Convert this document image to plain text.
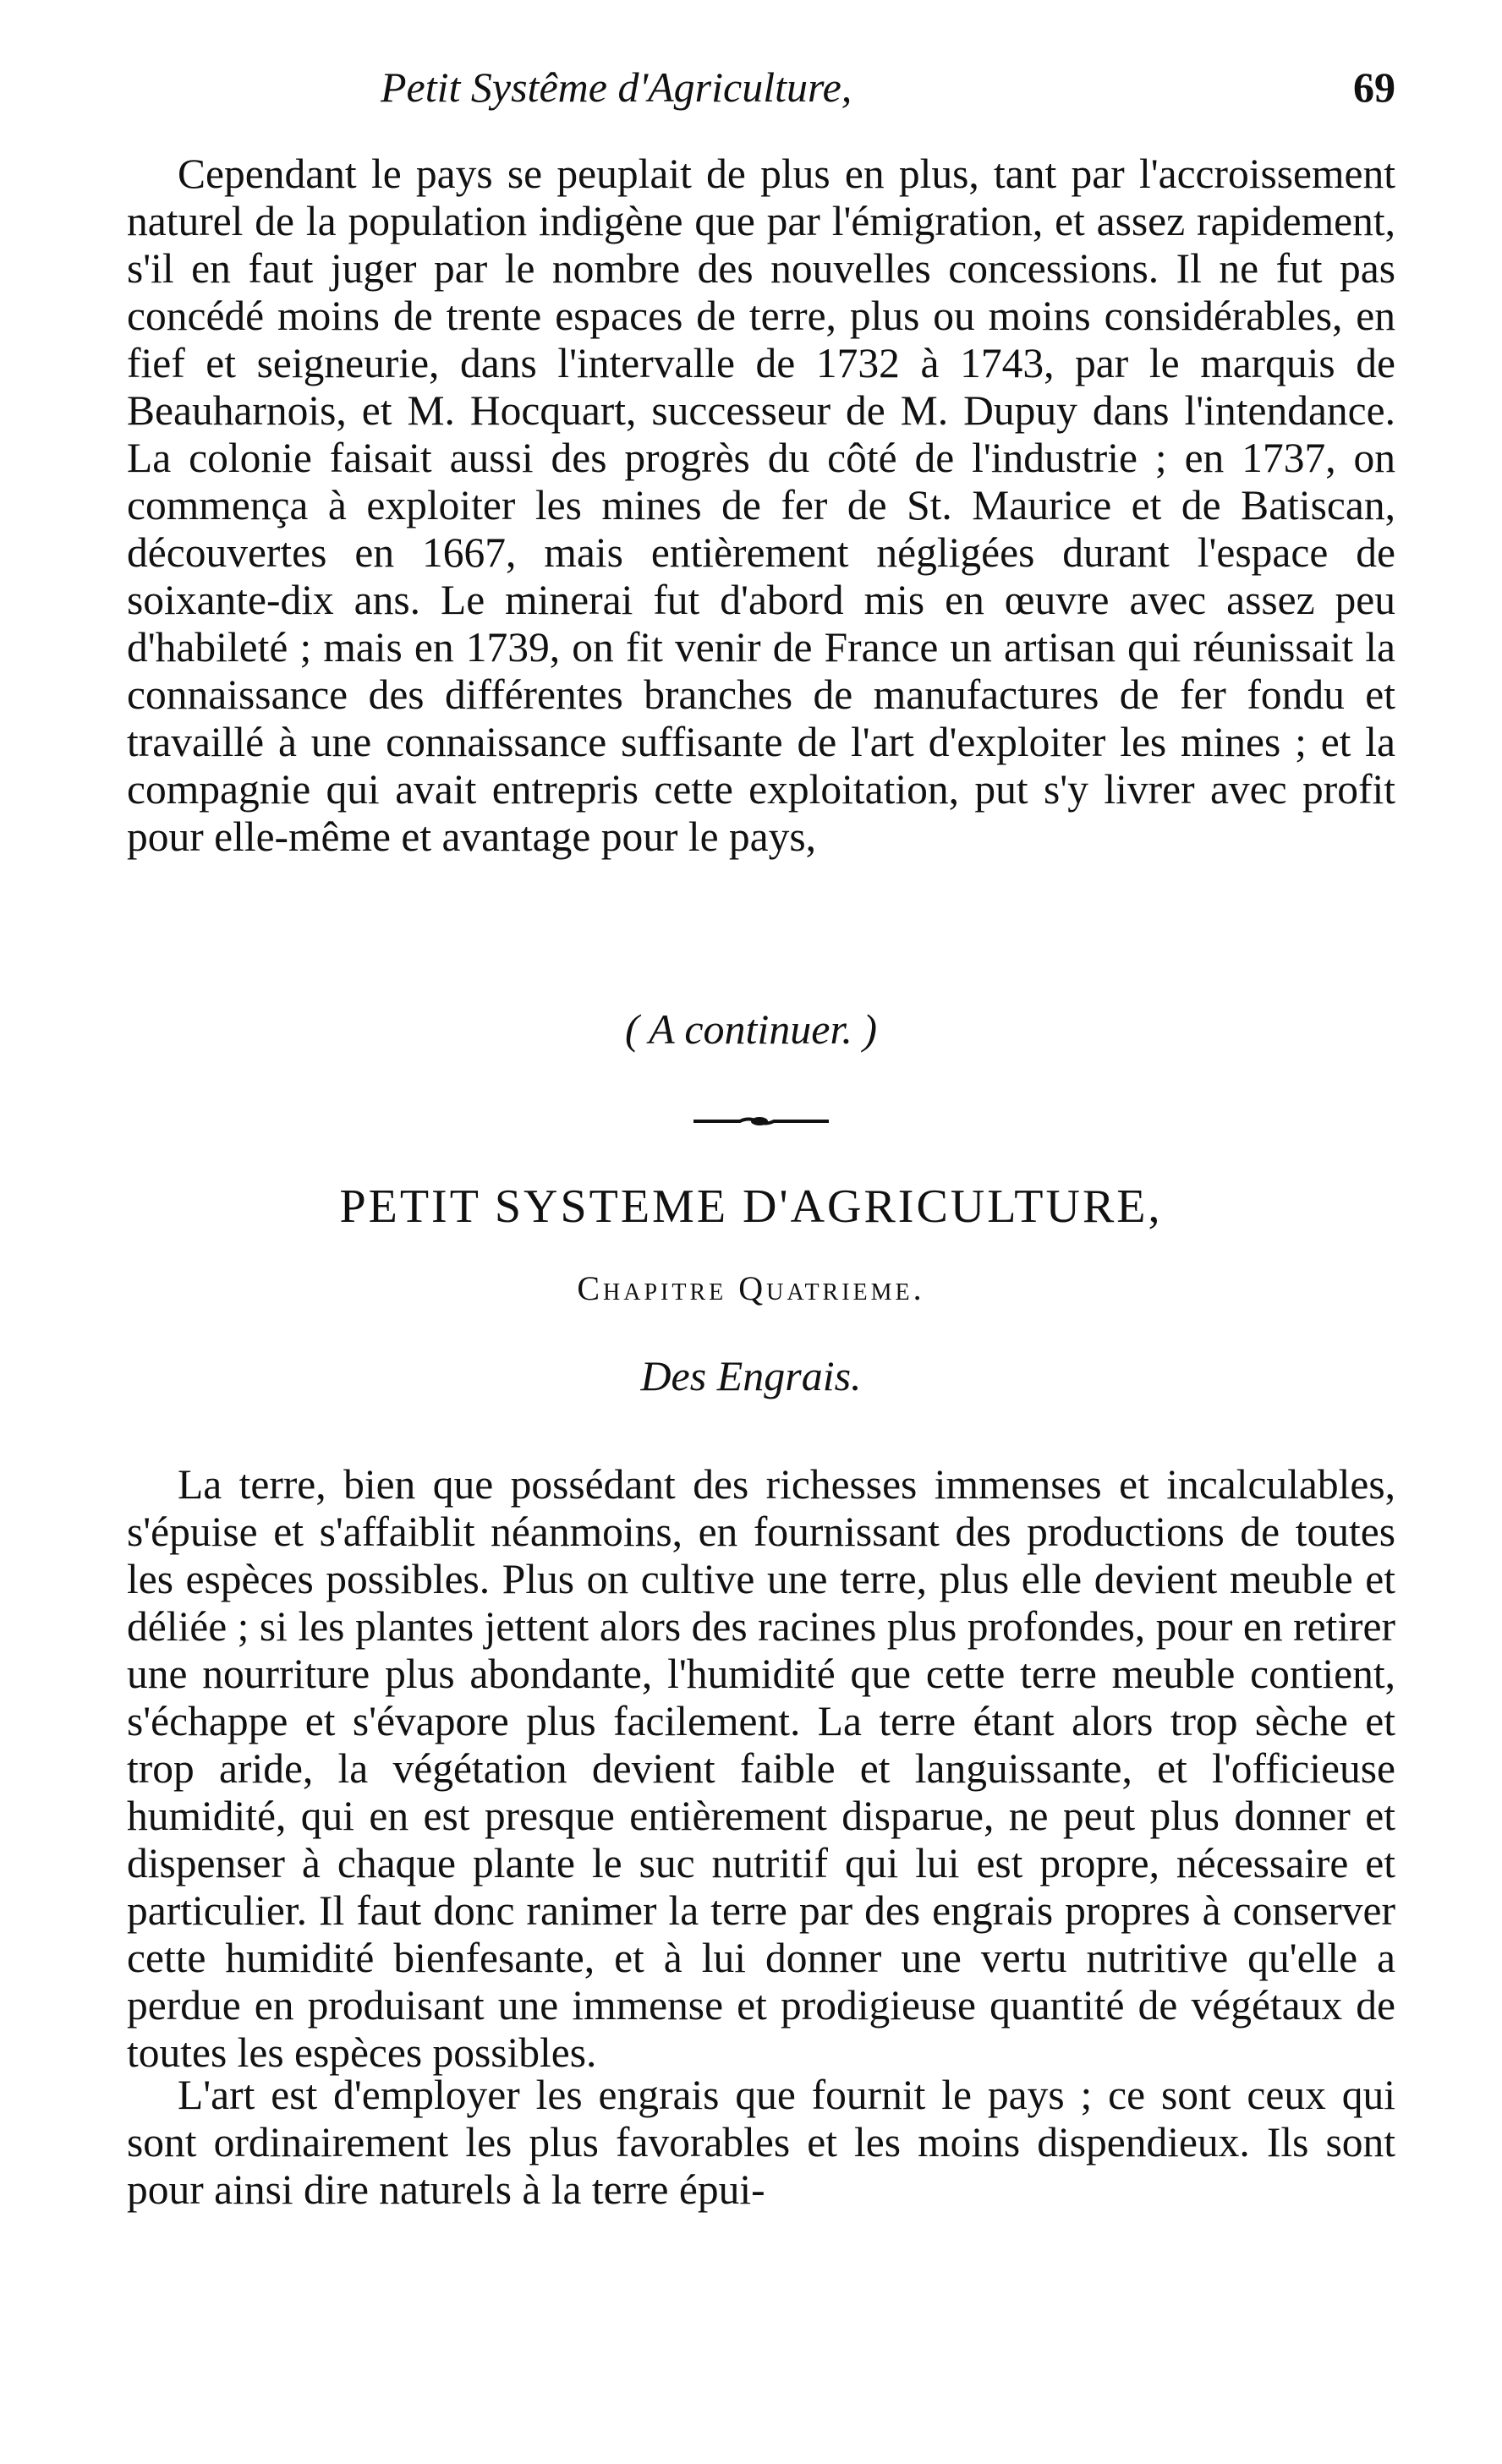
Petit Systême d'Agriculture,	69

Cependant le pays se peuplait de plus en plus, tant par l'accroissement naturel de la population indigène que par l'émigration, et assez rapidement, s'il en faut juger par le nombre des nouvelles concessions. Il ne fut pas concédé moins de trente espaces de terre, plus ou moins considérables, en fief et seigneurie, dans l'intervalle de 1732 à 1743, par le marquis de Beauharnois, et M. Hocquart, successeur de M. Dupuy dans l'intendance. La colonie faisait aussi des progrès du côté de l'industrie ; en 1737, on commença à exploiter les mines de fer de St. Maurice et de Batiscan, découvertes en 1667, mais entièrement négligées durant l'espace de soixante-dix ans. Le minerai fut d'abord mis en œuvre avec assez peu d'habileté ; mais en 1739, on fit venir de France un artisan qui réunissait la connaissance des différentes branches de manufactures de fer fondu et travaillé à une connaissance suffisante de l'art d'exploiter les mines ; et la compagnie qui avait entrepris cette exploitation, put s'y livrer avec profit pour elle-même et avantage pour le pays,

( A continuer. )
PETIT SYSTEME D'AGRICULTURE,
Chapitre Quatrieme.
Des Engrais.

La terre, bien que possédant des richesses immenses et incalculables, s'épuise et s'affaiblit néanmoins, en fournissant des productions de toutes les espèces possibles. Plus on cultive une terre, plus elle devient meuble et déliée ; si les plantes jettent alors des racines plus profondes, pour en retirer une nourriture plus abondante, l'humidité que cette terre meuble contient, s'échappe et s'évapore plus facilement. La terre étant alors trop sèche et trop aride, la végétation devient faible et languissante, et l'officieuse humidité, qui en est presque entièrement disparue, ne peut plus donner et dispenser à chaque plante le suc nutritif qui lui est propre, nécessaire et particulier. Il faut donc ranimer la terre par des engrais propres à conserver cette humidité bienfesante, et à lui donner une vertu nutritive qu'elle a perdue en produisant une immense et prodigieuse quantité de végétaux de toutes les espèces possibles.

L'art est d'employer les engrais que fournit le pays ; ce sont ceux qui sont ordinairement les plus favorables et les moins dispendieux. Ils sont pour ainsi dire naturels à la terre épui-
